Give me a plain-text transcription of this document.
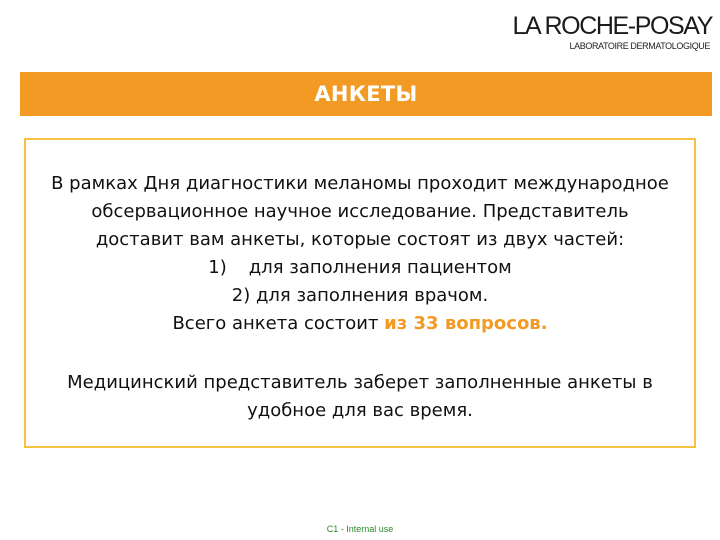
LA ROCHE-POSAY
LABORATOIRE DERMATOLOGIQUE
АНКЕТЫ

В рамках Дня диагностики меланомы проходит международное

обсервационное научное исследование. Представитель

доставит вам анкеты, которые состоят из двух частей:

1) для заполнения пациентом

2) для заполнения врачом.

Всего анкета состоит из 33 вопросов.

Медицинский представитель заберет заполненные анкеты в

удобное для вас время.

C1 - Internal use
